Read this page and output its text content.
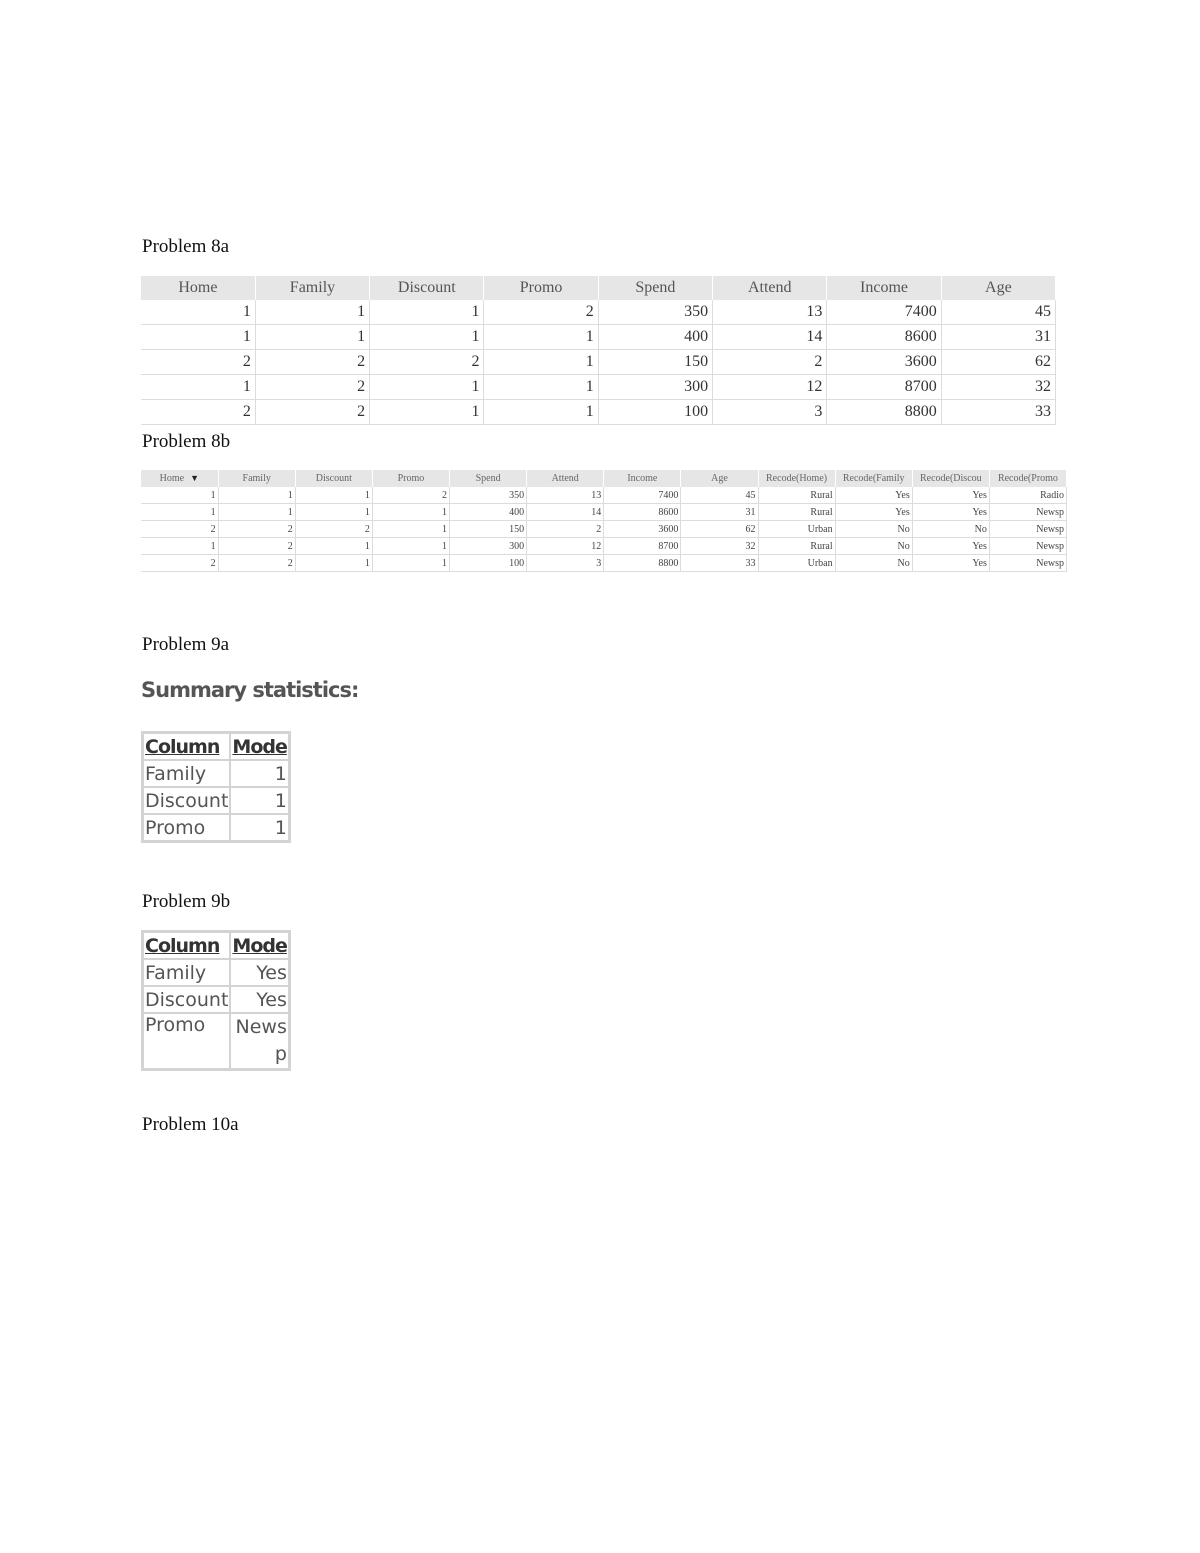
Problem 8a
Home	Family	Discount	Promo	Spend	Attend	Income	Age
1	1	1	2	350	13	7400	45
1	1	1	1	400	14	8600	31
2	2	2	1	150	2	3600	62
1	2	1	1	300	12	8700	32
2	2	1	1	100	3	8800	33
Problem 8b
Home ▼	Family	Discount	Promo	Spend	Attend	Income	Age	Recode(Home)	Recode(Family	Recode(Discou	Recode(Promo
1	1	1	2	350	13	7400	45	Rural	Yes	Yes	Radio
1	1	1	1	400	14	8600	31	Rural	Yes	Yes	Newsp
2	2	2	1	150	2	3600	62	Urban	No	No	Newsp
1	2	1	1	300	12	8700	32	Rural	No	Yes	Newsp
2	2	1	1	100	3	8800	33	Urban	No	Yes	Newsp
Problem 9a
Summary statistics:
Column	Mode
Family	1
Discount	1
Promo	1
Problem 9b
Column	Mode
Family	Yes
Discount	Yes
Promo	Newsp
Problem 10a
